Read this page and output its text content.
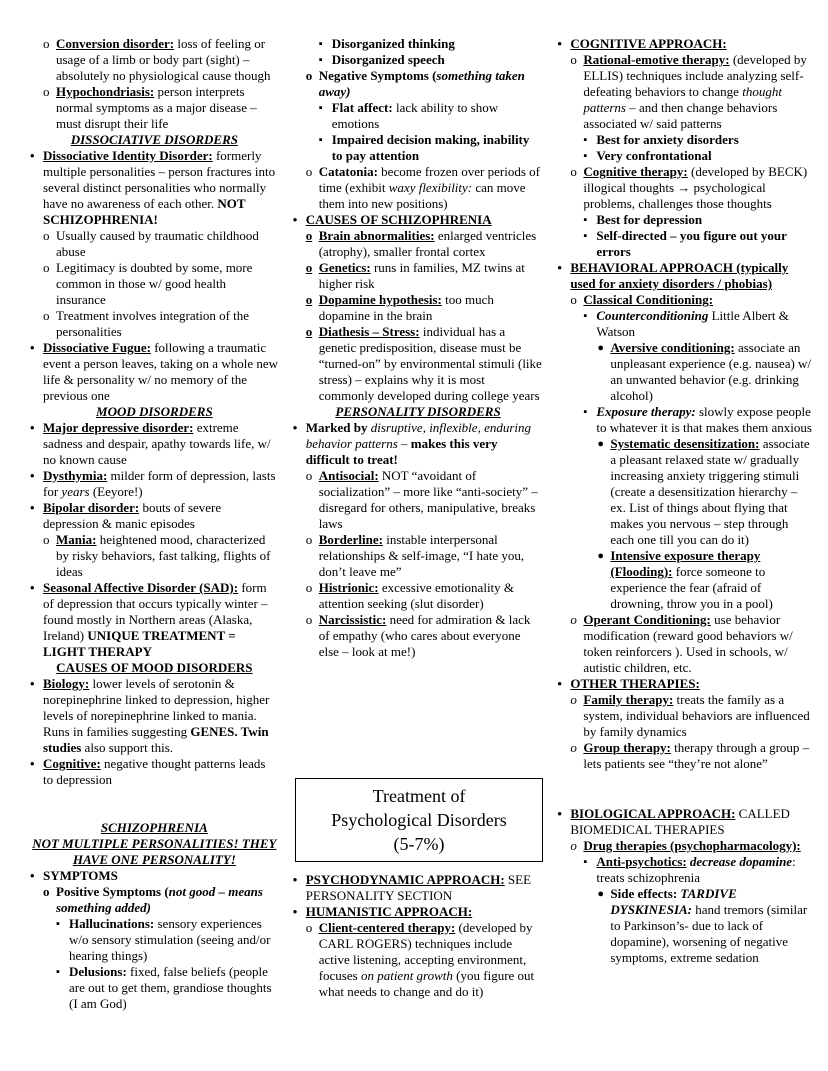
o Conversion disorder: loss of feeling or usage of a limb or body part (sight) – absolutely no physiological cause though
o Hypochondriasis: person interprets normal symptoms as a major disease – must disrupt their life
DISSOCIATIVE DISORDERS
• Dissociative Identity Disorder: formerly multiple personalities – person fractures into several distinct personalities who normally have no awareness of each other. NOT SCHIZOPHRENIA!
o Usually caused by traumatic childhood abuse
o Legitimacy is doubted by some, more common in those w/ good health insurance
o Treatment involves integration of the personalities
• Dissociative Fugue: following a traumatic event a person leaves, taking on a whole new life & personality w/ no memory of the previous one
MOOD DISORDERS
• Major depressive disorder: extreme sadness and despair, apathy towards life, w/ no known cause
• Dysthymia: milder form of depression, lasts for years (Eeyore!)
• Bipolar disorder: bouts of severe depression & manic episodes
o Mania: heightened mood, characterized by risky behaviors, fast talking, flights of ideas
• Seasonal Affective Disorder (SAD): form of depression that occurs typically winter – found mostly in Northern areas (Alaska, Ireland) UNIQUE TREATMENT = LIGHT THERAPY
CAUSES OF MOOD DISORDERS
• Biology: lower levels of serotonin & norepinephrine linked to depression, higher levels of norepinephrine linked to mania. Runs in families suggesting GENES. Twin studies also support this.
• Cognitive: negative thought patterns leads to depression
SCHIZOPHRENIA
NOT MULTIPLE PERSONALITIES! THEY HAVE ONE PERSONALITY!
• SYMPTOMS
o Positive Symptoms (not good – means something added)
▪ Hallucinations: sensory experiences w/o sensory stimulation (seeing and/or hearing things)
▪ Delusions: fixed, false beliefs (people are out to get them, grandiose thoughts (I am God)
▪ Disorganized thinking
▪ Disorganized speech
o Negative Symptoms (something taken away)
▪ Flat affect: lack ability to show emotions
▪ Impaired decision making, inability to pay attention
o Catatonia: become frozen over periods of time (exhibit waxy flexibility: can move them into new positions)
• CAUSES OF SCHIZOPHRENIA
o Brain abnormalities: enlarged ventricles (atrophy), smaller frontal cortex
o Genetics: runs in families, MZ twins at higher risk
o Dopamine hypothesis: too much dopamine in the brain
o Diathesis – Stress: individual has a genetic predisposition, disease must be “turned-on” by environmental stimuli (like stress) – explains why it is most commonly developed during college years
PERSONALITY DISORDERS
• Marked by disruptive, inflexible, enduring behavior patterns – makes this very difficult to treat!
o Antisocial: NOT “avoidant of socialization” – more like “anti-society” – disregard for others, manipulative, breaks laws
o Borderline: instable interpersonal relationships & self-image, “I hate you, don’t leave me”
o Histrionic: excessive emotionality & attention seeking (slut disorder)
o Narcissistic: need for admiration & lack of empathy (who cares about everyone else – look at me!)
Treatment of
Psychological Disorders
(5-7%)
• PSYCHODYNAMIC APPROACH: SEE PERSONALITY SECTION
• HUMANISTIC APPROACH:
o Client-centered therapy: (developed by CARL ROGERS) techniques include active listening, accepting environment, focuses on patient growth (you figure out what needs to change and do it)
• COGNITIVE APPROACH:
o Rational-emotive therapy: (developed by ELLIS) techniques include analyzing self-defeating behaviors to change thought patterns – and then change behaviors associated w/ said patterns
▪ Best for anxiety disorders
▪ Very confrontational
o Cognitive therapy: (developed by BECK) illogical thoughts → psychological problems, challenges those thoughts
▪ Best for depression
▪ Self-directed – you figure out your errors
• BEHAVIORAL APPROACH (typically used for anxiety disorders / phobias)
o Classical Conditioning:
▪ Counterconditioning Little Albert & Watson
● Aversive conditioning: associate an unpleasant experience (e.g. nausea) w/ an unwanted behavior (e.g. drinking alcohol)
▪ Exposure therapy: slowly expose people to whatever it is that makes them anxious
● Systematic desensitization: associate a pleasant relaxed state w/ gradually increasing anxiety triggering stimuli (create a desensitization hierarchy – ex. List of things about flying that makes you nervous – step through each one till you can do it)
● Intensive exposure therapy (Flooding): force someone to experience the fear (afraid of drowning, throw you in a pool)
o Operant Conditioning: use behavior modification (reward good behaviors w/ token reinforcers ). Used in schools, w/ autistic children, etc.
• OTHER THERAPIES:
o Family therapy: treats the family as a system, individual behaviors are influenced by family dynamics
o Group therapy: therapy through a group – lets patients see “they’re not alone”
• BIOLOGICAL APPROACH: CALLED BIOMEDICAL THERAPIES
o Drug therapies (psychopharmacology):
▪ Anti-psychotics: decrease dopamine: treats schizophrenia
● Side effects: TARDIVE DYSKINESIA: hand tremors (similar to Parkinson’s- due to lack of dopamine), worsening of negative symptoms, extreme sedation
